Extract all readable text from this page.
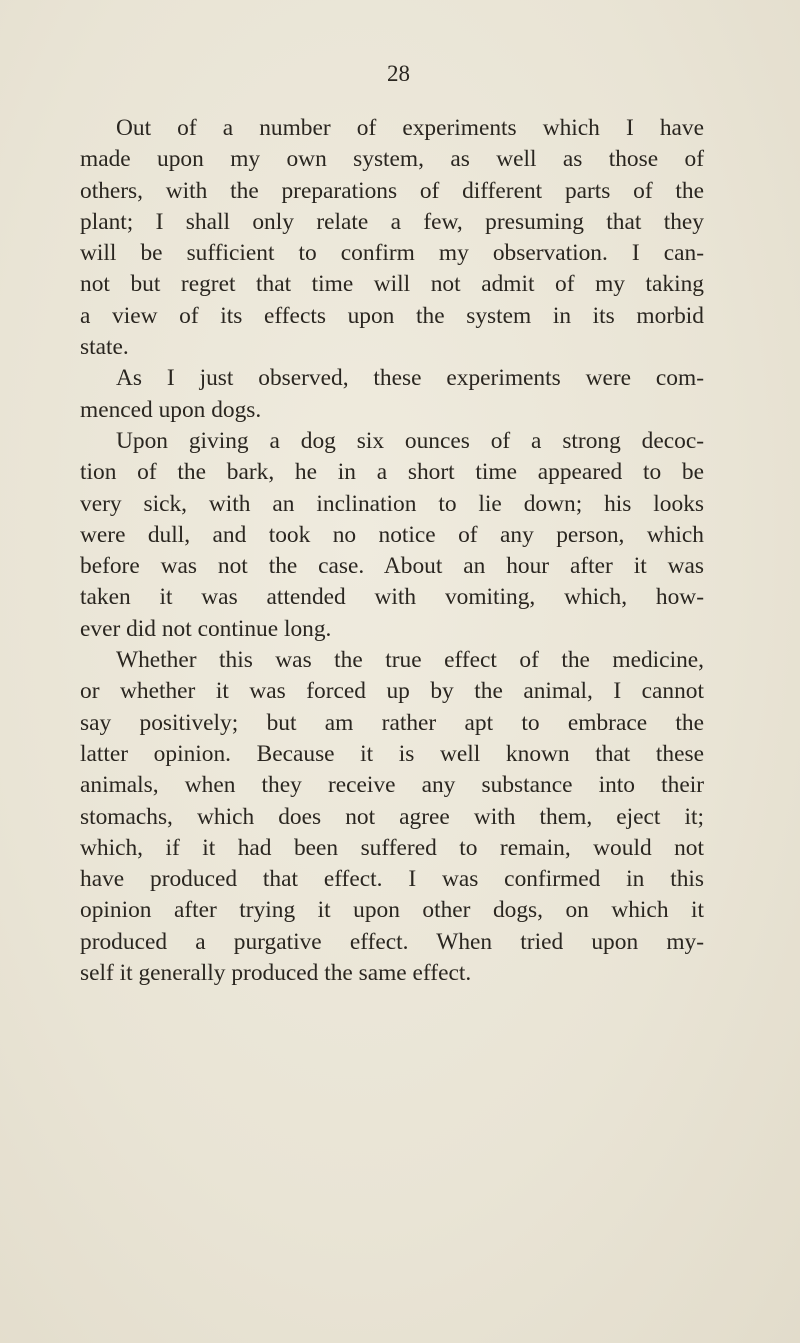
28
Out of a number of experiments which I have
made upon my own system, as well as those of
others, with the preparations of different parts of the
plant; I shall only relate a few, presuming that they
will be sufficient to confirm my observation. I can-
not but regret that time will not admit of my taking
a view of its effects upon the system in its morbid
state.
As I just observed, these experiments were com-
menced upon dogs.
Upon giving a dog six ounces of a strong decoc-
tion of the bark, he in a short time appeared to be
very sick, with an inclination to lie down; his looks
were dull, and took no notice of any person, which
before was not the case. About an hour after it was
taken it was attended with vomiting, which, how-
ever did not continue long.
Whether this was the true effect of the medicine,
or whether it was forced up by the animal, I cannot
say positively; but am rather apt to embrace the
latter opinion. Because it is well known that these
animals, when they receive any substance into their
stomachs, which does not agree with them, eject it;
which, if it had been suffered to remain, would not
have produced that effect. I was confirmed in this
opinion after trying it upon other dogs, on which it
produced a purgative effect. When tried upon my-
self it generally produced the same effect.
